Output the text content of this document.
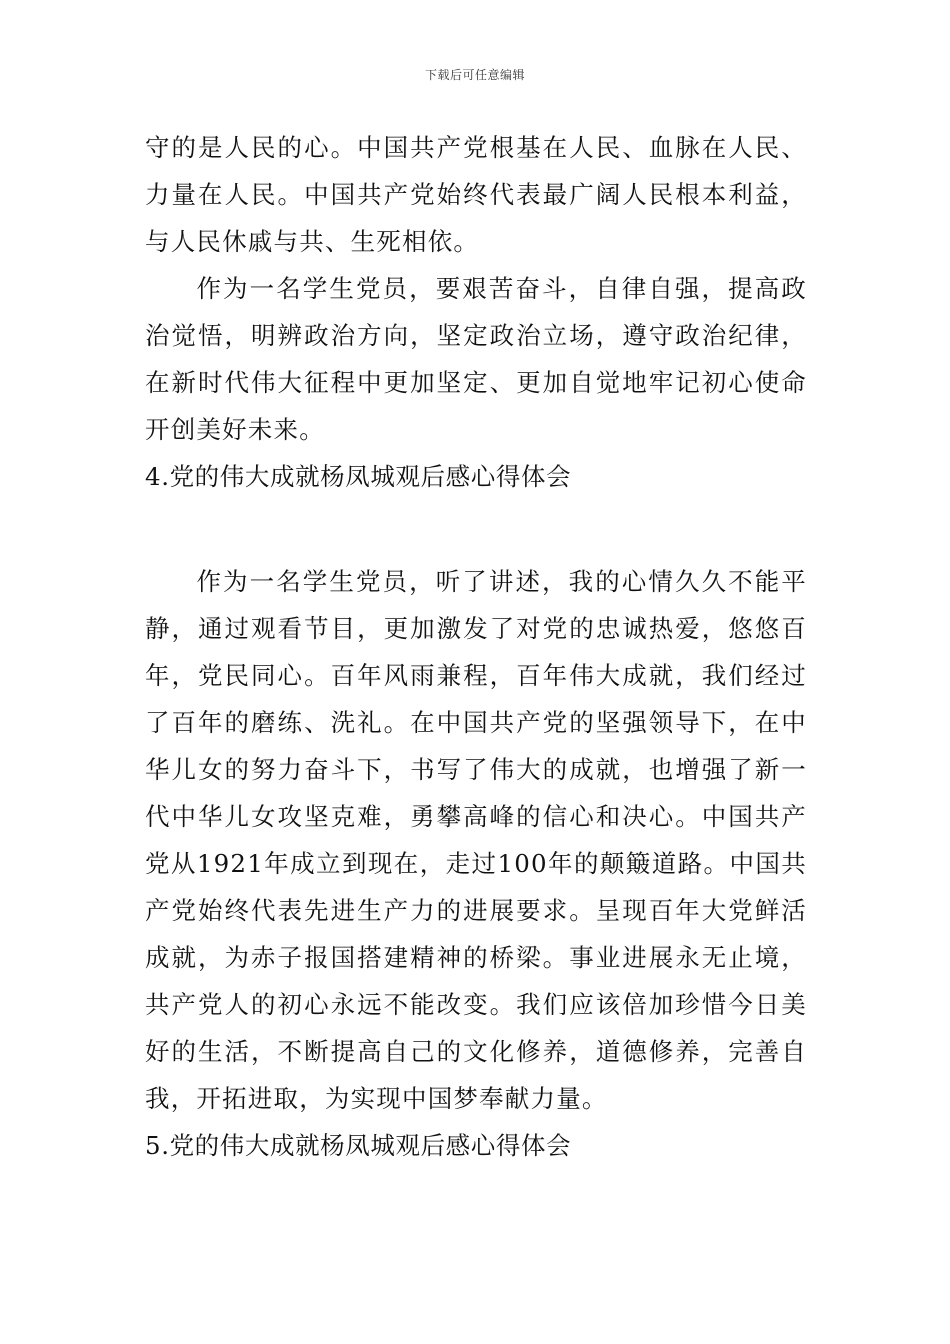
下载后可任意编辑

守的是人民的心。中国共产党根基在人民、血脉在人民、力量在人民。中国共产党始终代表最广阔人民根本利益，与人民休戚与共、生死相依。

作为一名学生党员，要艰苦奋斗，自律自强，提高政治觉悟，明辨政治方向，坚定政治立场，遵守政治纪律，在新时代伟大征程中更加坚定、更加自觉地牢记初心使命开创美好未来。

4.党的伟大成就杨凤城观后感心得体会

作为一名学生党员，听了讲述，我的心情久久不能平静，通过观看节目，更加激发了对党的忠诚热爱，悠悠百年，党民同心。百年风雨兼程，百年伟大成就，我们经过了百年的磨练、洗礼。在中国共产党的坚强领导下，在中华儿女的努力奋斗下，书写了伟大的成就，也增强了新一代中华儿女攻坚克难，勇攀高峰的信心和决心。中国共产党从1921年成立到现在，走过100年的颠簸道路。中国共产党始终代表先进生产力的进展要求。呈现百年大党鲜活成就，为赤子报国搭建精神的桥梁。事业进展永无止境，共产党人的初心永远不能改变。我们应该倍加珍惜今日美好的生活，不断提高自己的文化修养，道德修养，完善自我，开拓进取，为实现中国梦奉献力量。

5.党的伟大成就杨凤城观后感心得体会
